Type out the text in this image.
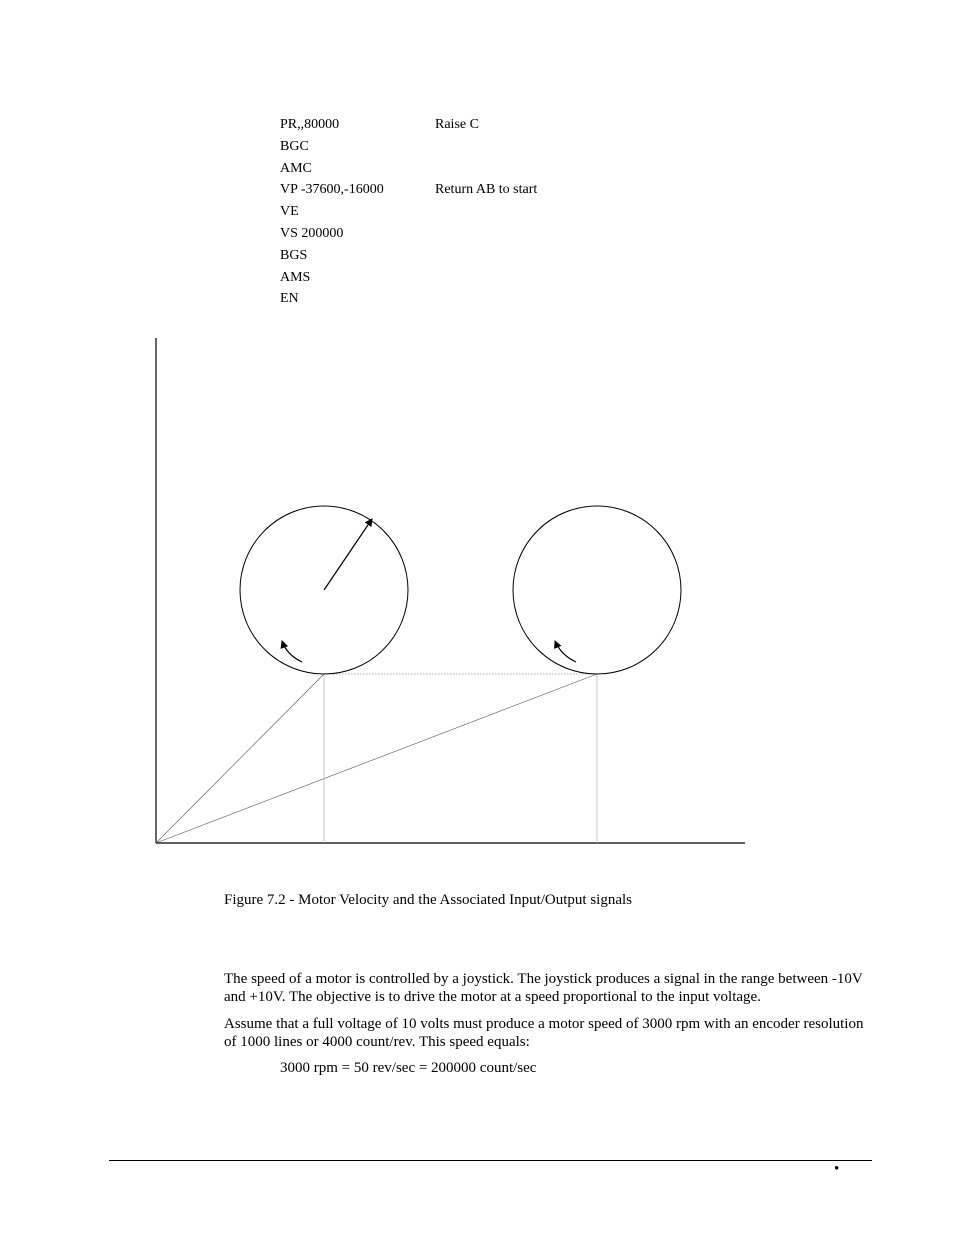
PR,,80000	Raise C
BGC
AMC
VP -37600,-16000	Return AB to start
VE
VS 200000
BGS
AMS
EN
Figure 7.2 - Motor Velocity and the Associated Input/Output signals
The speed of a motor is controlled by a joystick. The joystick produces a signal in the range between -10V and +10V. The objective is to drive the motor at a speed proportional to the input voltage.
Assume that a full voltage of 10 volts must produce a motor speed of 3000 rpm with an encoder resolution of 1000 lines or 4000 count/rev. This speed equals:
3000 rpm = 50 rev/sec = 200000 count/sec
•
